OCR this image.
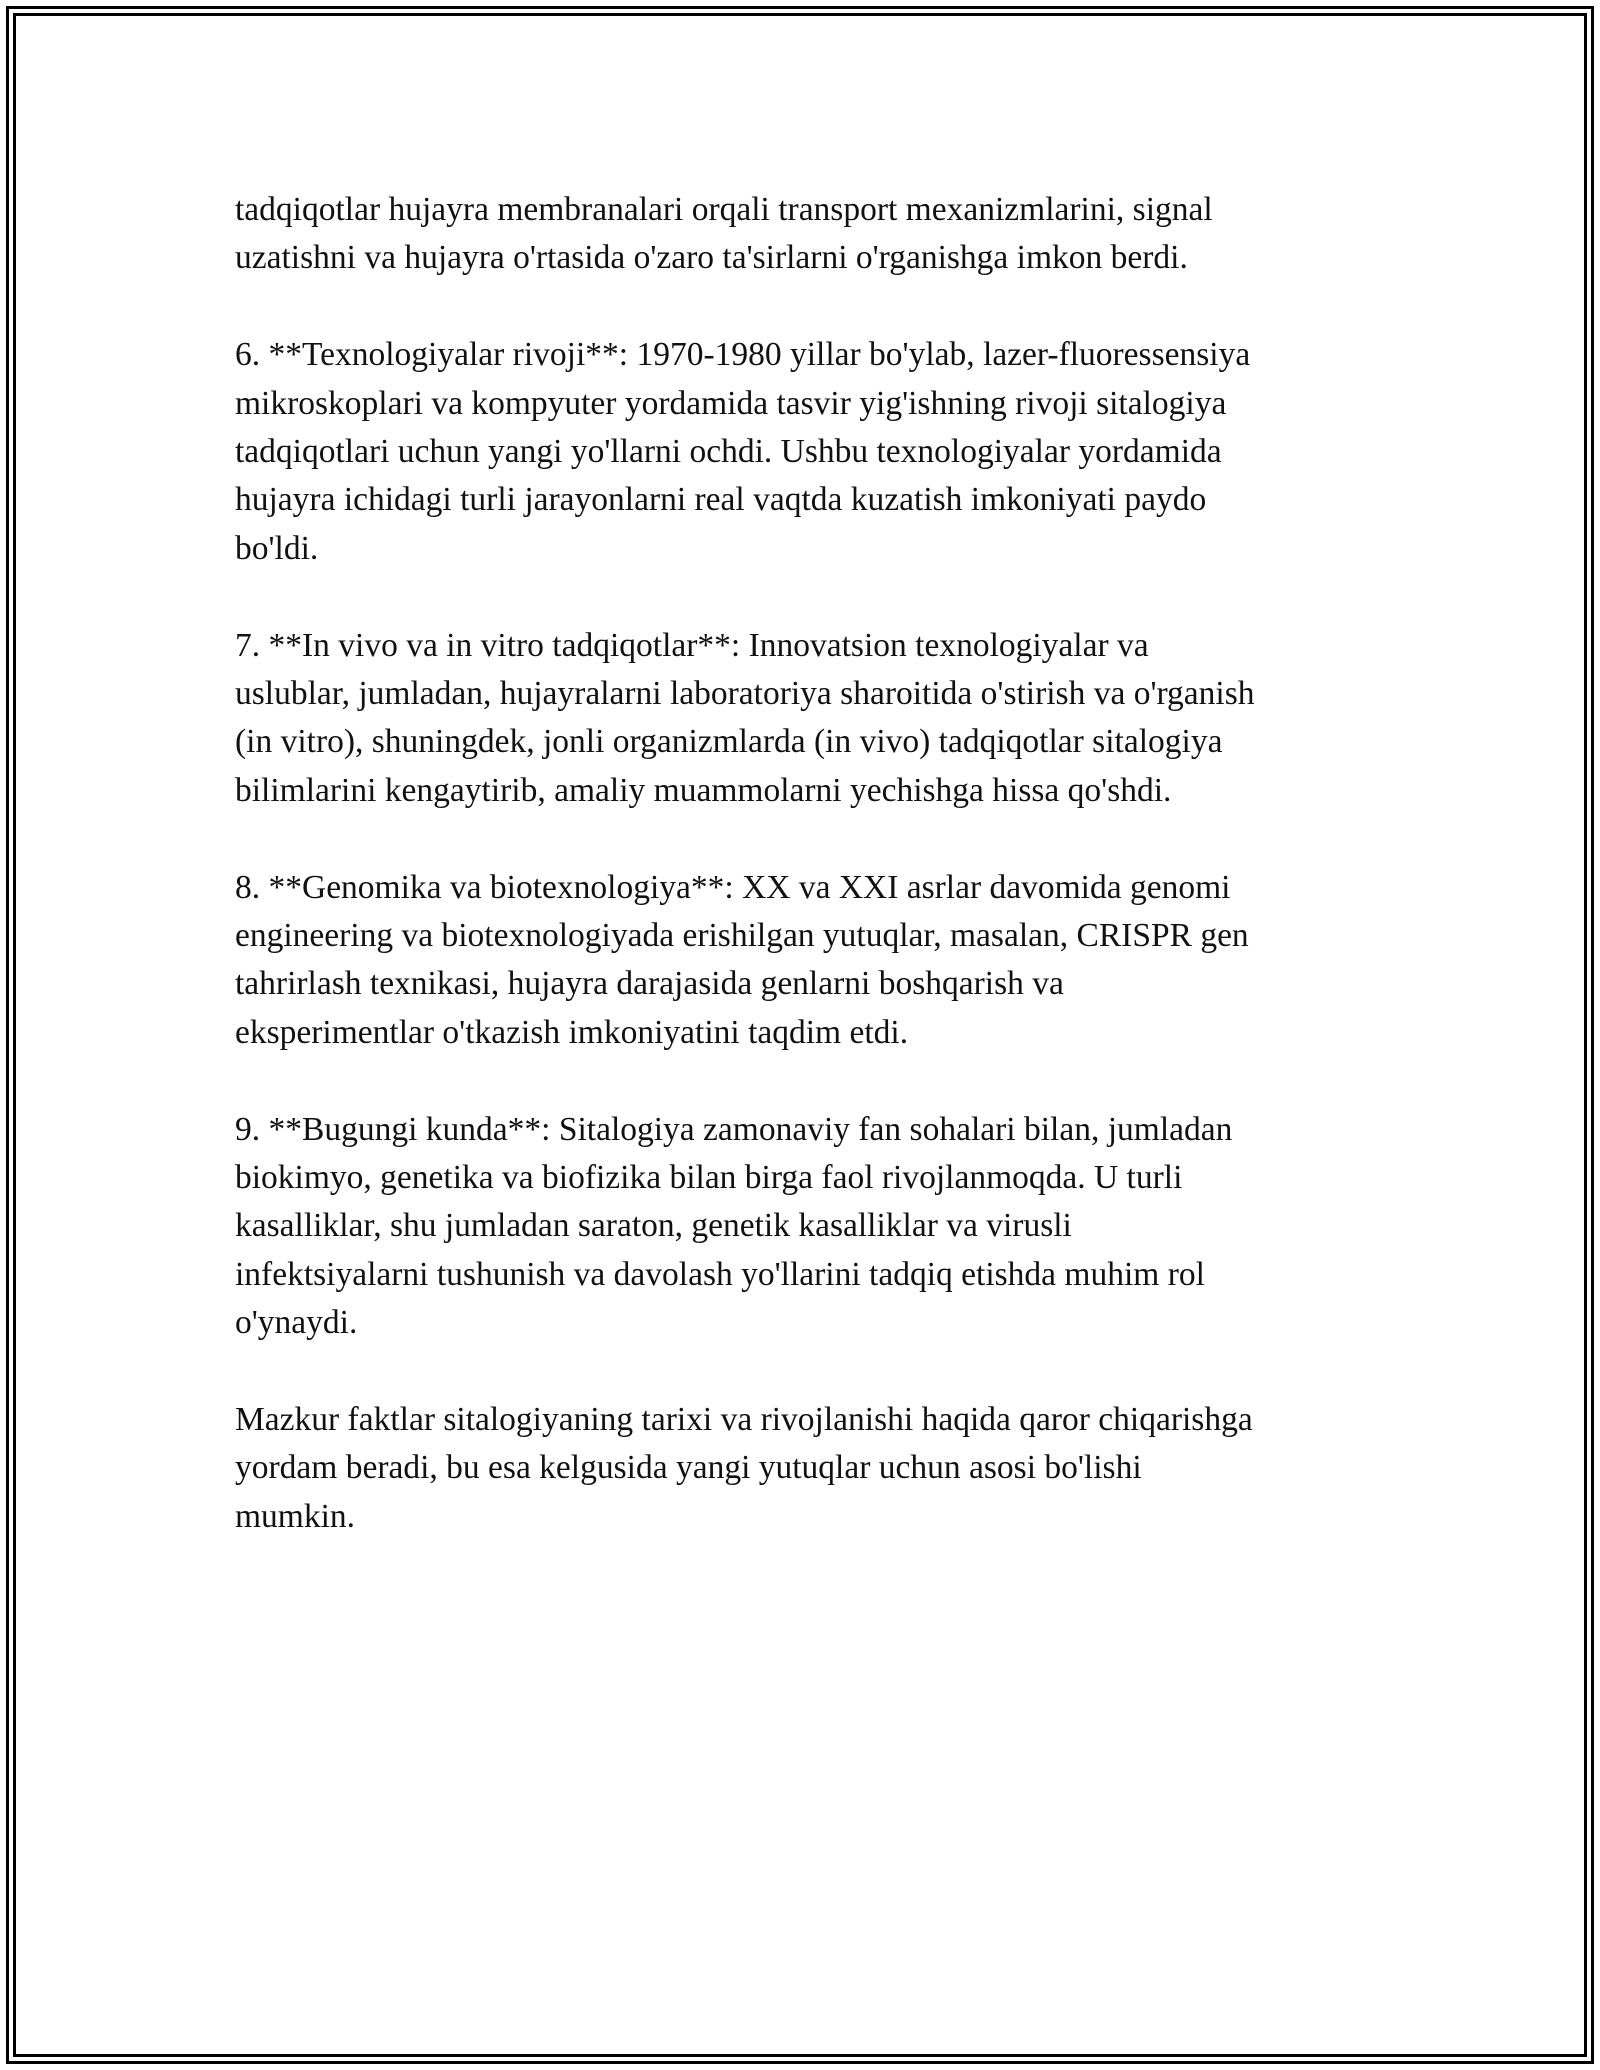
tadqiqotlar hujayra membranalari orqali transport mexanizmlarini, signal
uzatishni va hujayra o'rtasida o'zaro ta'sirlarni o'rganishga imkon berdi.

6. **Texnologiyalar rivoji**: 1970-1980 yillar bo'ylab, lazer-fluoressensiya
mikroskoplari va kompyuter yordamida tasvir yig'ishning rivoji sitalogiya
tadqiqotlari uchun yangi yo'llarni ochdi. Ushbu texnologiyalar yordamida
hujayra ichidagi turli jarayonlarni real vaqtda kuzatish imkoniyati paydo
bo'ldi.

7. **In vivo va in vitro tadqiqotlar**: Innovatsion texnologiyalar va
uslublar, jumladan, hujayralarni laboratoriya sharoitida o'stirish va o'rganish
(in vitro), shuningdek, jonli organizmlarda (in vivo) tadqiqotlar sitalogiya
bilimlarini kengaytirib, amaliy muammolarni yechishga hissa qo'shdi.

8. **Genomika va biotexnologiya**: XX va XXI asrlar davomida genomi
engineering va biotexnologiyada erishilgan yutuqlar, masalan, CRISPR gen
tahrirlash texnikasi, hujayra darajasida genlarni boshqarish va
eksperimentlar o'tkazish imkoniyatini taqdim etdi.

9. **Bugungi kunda**: Sitalogiya zamonaviy fan sohalari bilan, jumladan
biokimyo, genetika va biofizika bilan birga faol rivojlanmoqda. U turli
kasalliklar, shu jumladan saraton, genetik kasalliklar va virusli
infektsiyalarni tushunish va davolash yo'llarini tadqiq etishda muhim rol
o'ynaydi.

Mazkur faktlar sitalogiyaning tarixi va rivojlanishi haqida qaror chiqarishga
yordam beradi, bu esa kelgusida yangi yutuqlar uchun asosi bo'lishi
mumkin.
